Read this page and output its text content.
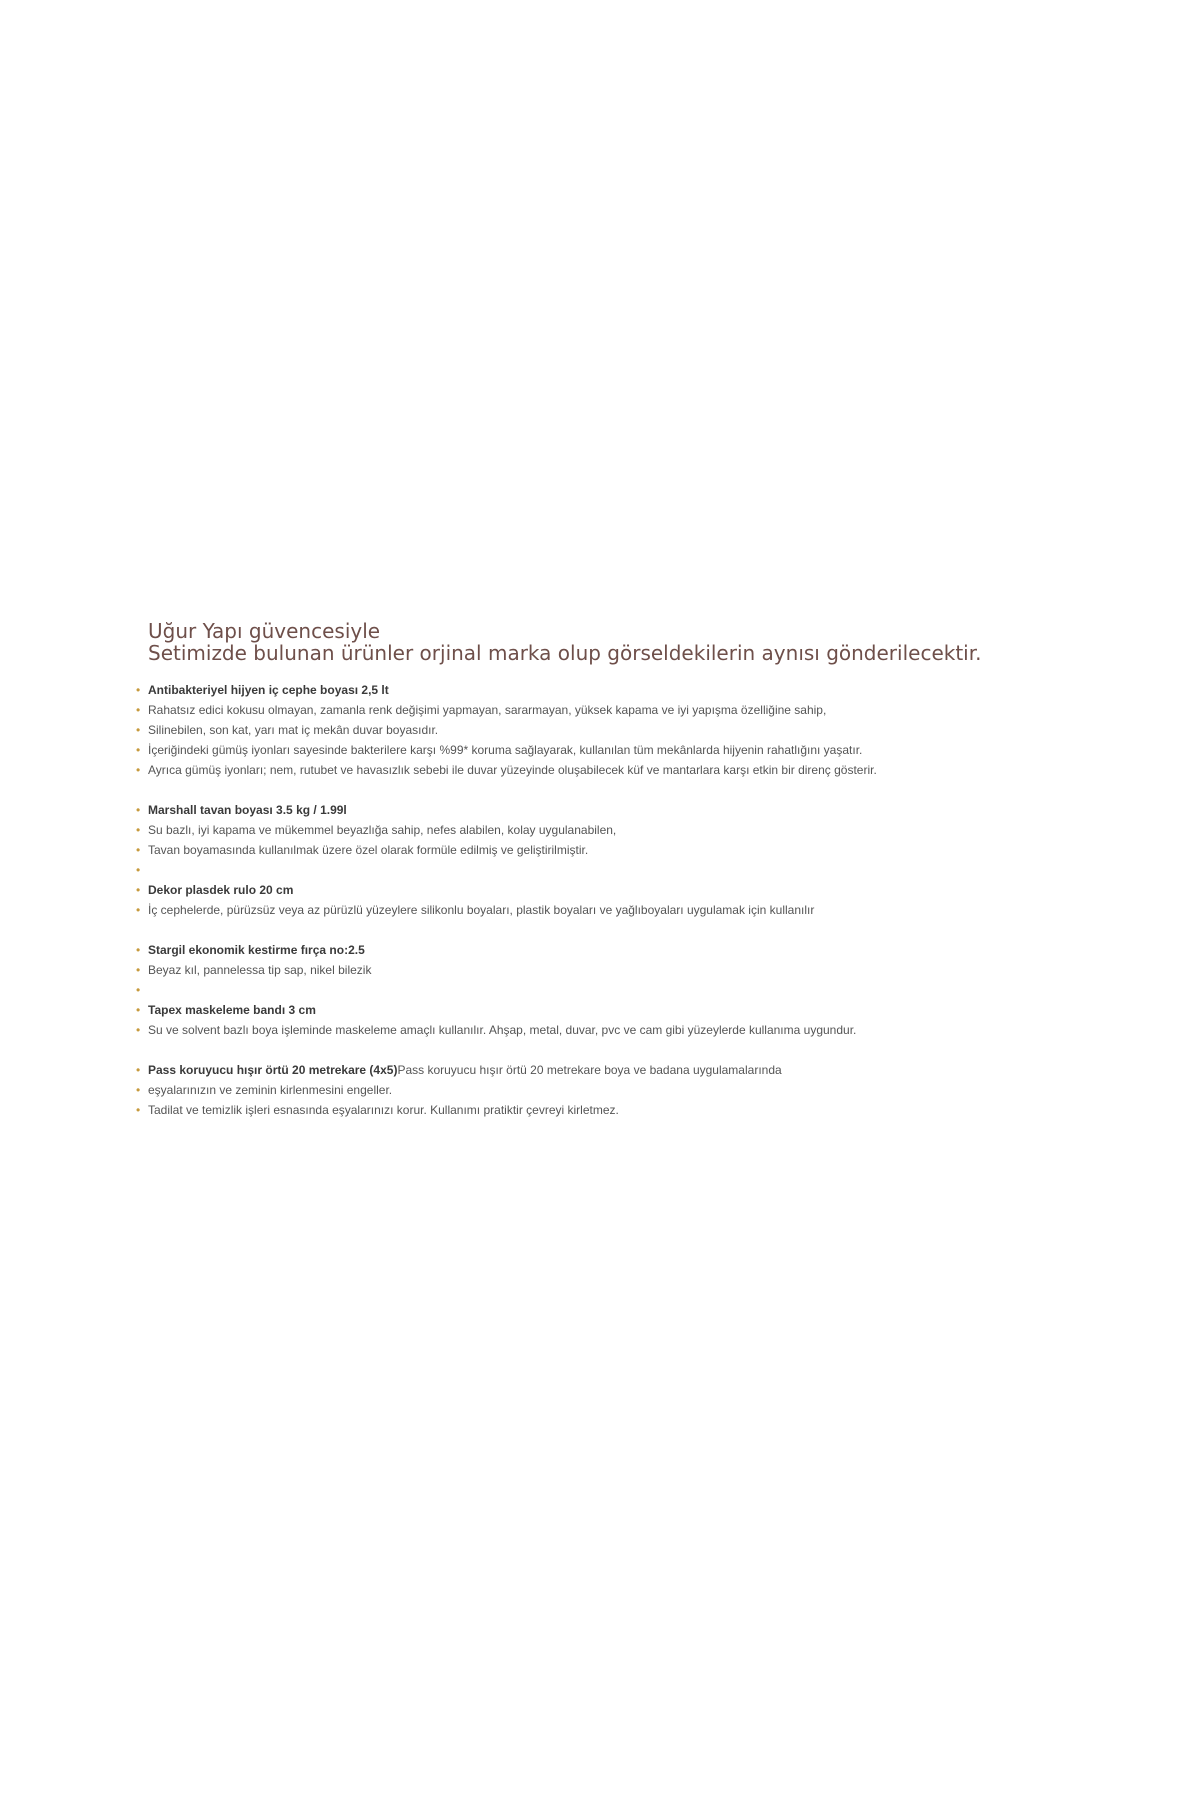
Uğur Yapı güvencesiyle
Setimizde bulunan ürünler orjinal marka olup görseldekilerin aynısı gönderilecektir.
• Antibakteriyel hijyen iç cephe boyası 2,5 lt
• Rahatsız edici kokusu olmayan, zamanla renk değişimi yapmayan, sararmayan, yüksek kapama ve iyi yapışma özelliğine sahip,
• Silinebilen, son kat, yarı mat iç mekân duvar boyasıdır.
• İçeriğindeki gümüş iyonları sayesinde bakterilere karşı %99* koruma sağlayarak, kullanılan tüm mekânlarda hijyenin rahatlığını yaşatır.
• Ayrıca gümüş iyonları; nem, rutubet ve havasızlık sebebi ile duvar yüzeyinde oluşabilecek küf ve mantarlara karşı etkin bir direnç gösterir.
• Marshall tavan boyası 3.5 kg / 1.99l
• Su bazlı, iyi kapama ve mükemmel beyazlığa sahip, nefes alabilen, kolay uygulanabilen,
• Tavan boyamasında kullanılmak üzere özel olarak formüle edilmiş ve geliştirilmiştir.
•
• Dekor plasdek rulo 20 cm
• İç cephelerde, pürüzsüz veya az pürüzlü yüzeylere silikonlu boyaları, plastik boyaları ve yağlıboyaları uygulamak için kullanılır
• Stargil ekonomik kestirme fırça no:2.5
• Beyaz kıl, pannelessa tip sap, nikel bilezik
•
• Tapex maskeleme bandı 3 cm
• Su ve solvent bazlı boya işleminde maskeleme amaçlı kullanılır. Ahşap, metal, duvar, pvc ve cam gibi yüzeylerde kullanıma uygundur.
• Pass koruyucu hışır örtü 20 metrekare (4x5)Pass koruyucu hışır örtü 20 metrekare boya ve badana uygulamalarında
• eşyalarınızın ve zeminin kirlenmesini engeller.
• Tadilat ve temizlik işleri esnasında eşyalarınızı korur. Kullanımı pratiktir çevreyi kirletmez.
